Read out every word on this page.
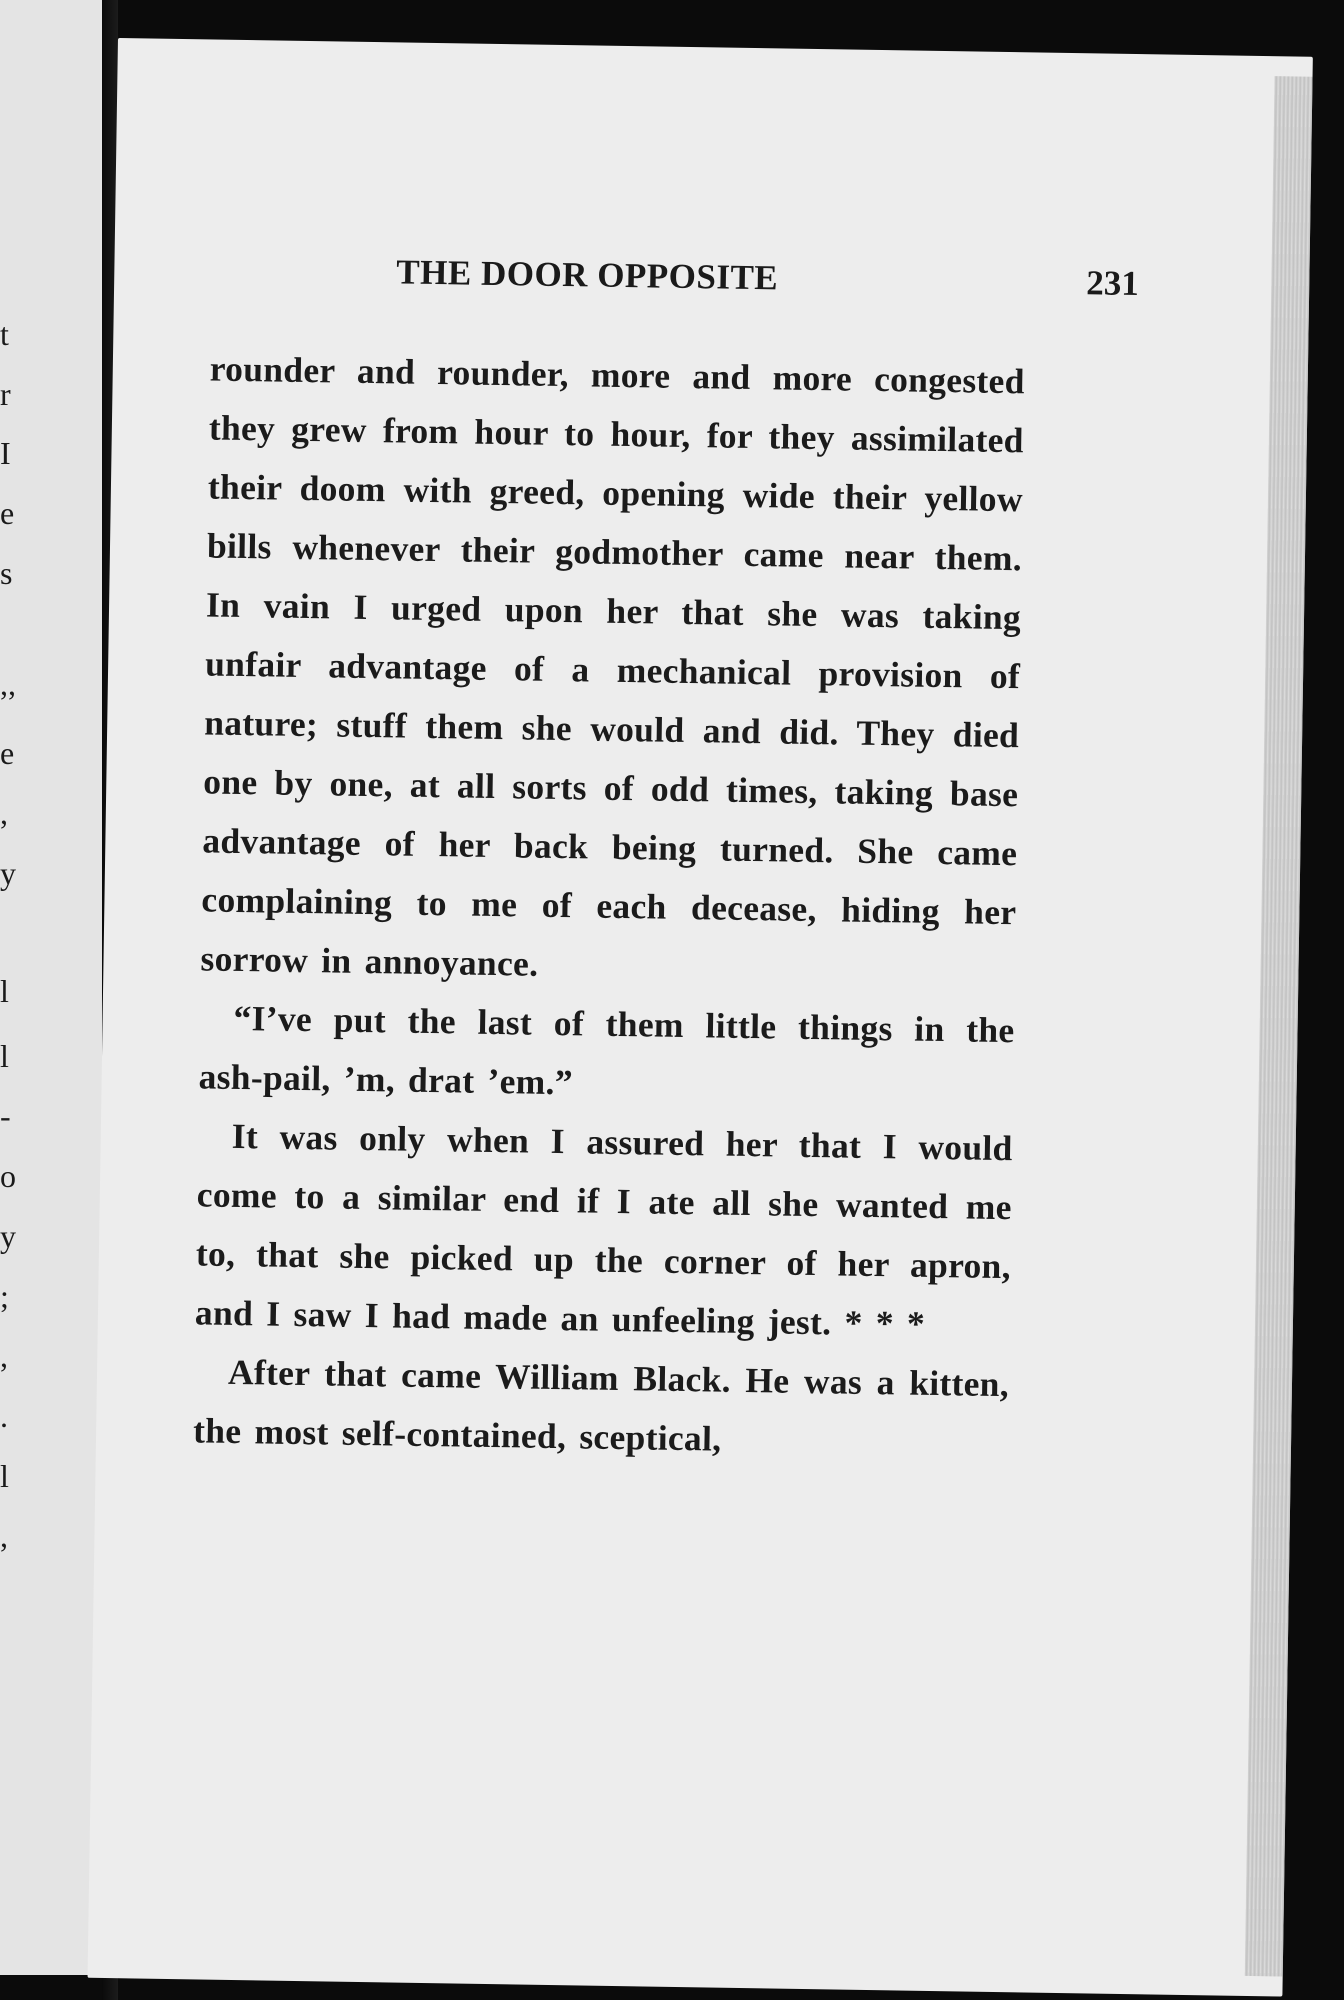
t
r
I
e
s
,,
e
,
y
l
l
-
o
y
;
,
.
l
,
THE DOOR OPPOSITE	231

rounder and rounder, more and more congested they grew from hour to hour, for they assimilated their doom with greed, opening wide their yellow bills whenever their godmother came near them. In vain I urged upon her that she was taking unfair advantage of a mechanical provision of nature; stuff them she would and did. They died one by one, at all sorts of odd times, taking base advantage of her back being turned. She came complaining to me of each decease, hiding her sorrow in annoyance.

“I’ve put the last of them little things in the ash-pail, ’m, drat ’em.”

It was only when I assured her that I would come to a similar end if I ate all she wanted me to, that she picked up the corner of her apron, and I saw I had made an unfeeling jest. * * *

After that came William Black. He was a kitten, the most self-contained, sceptical,
